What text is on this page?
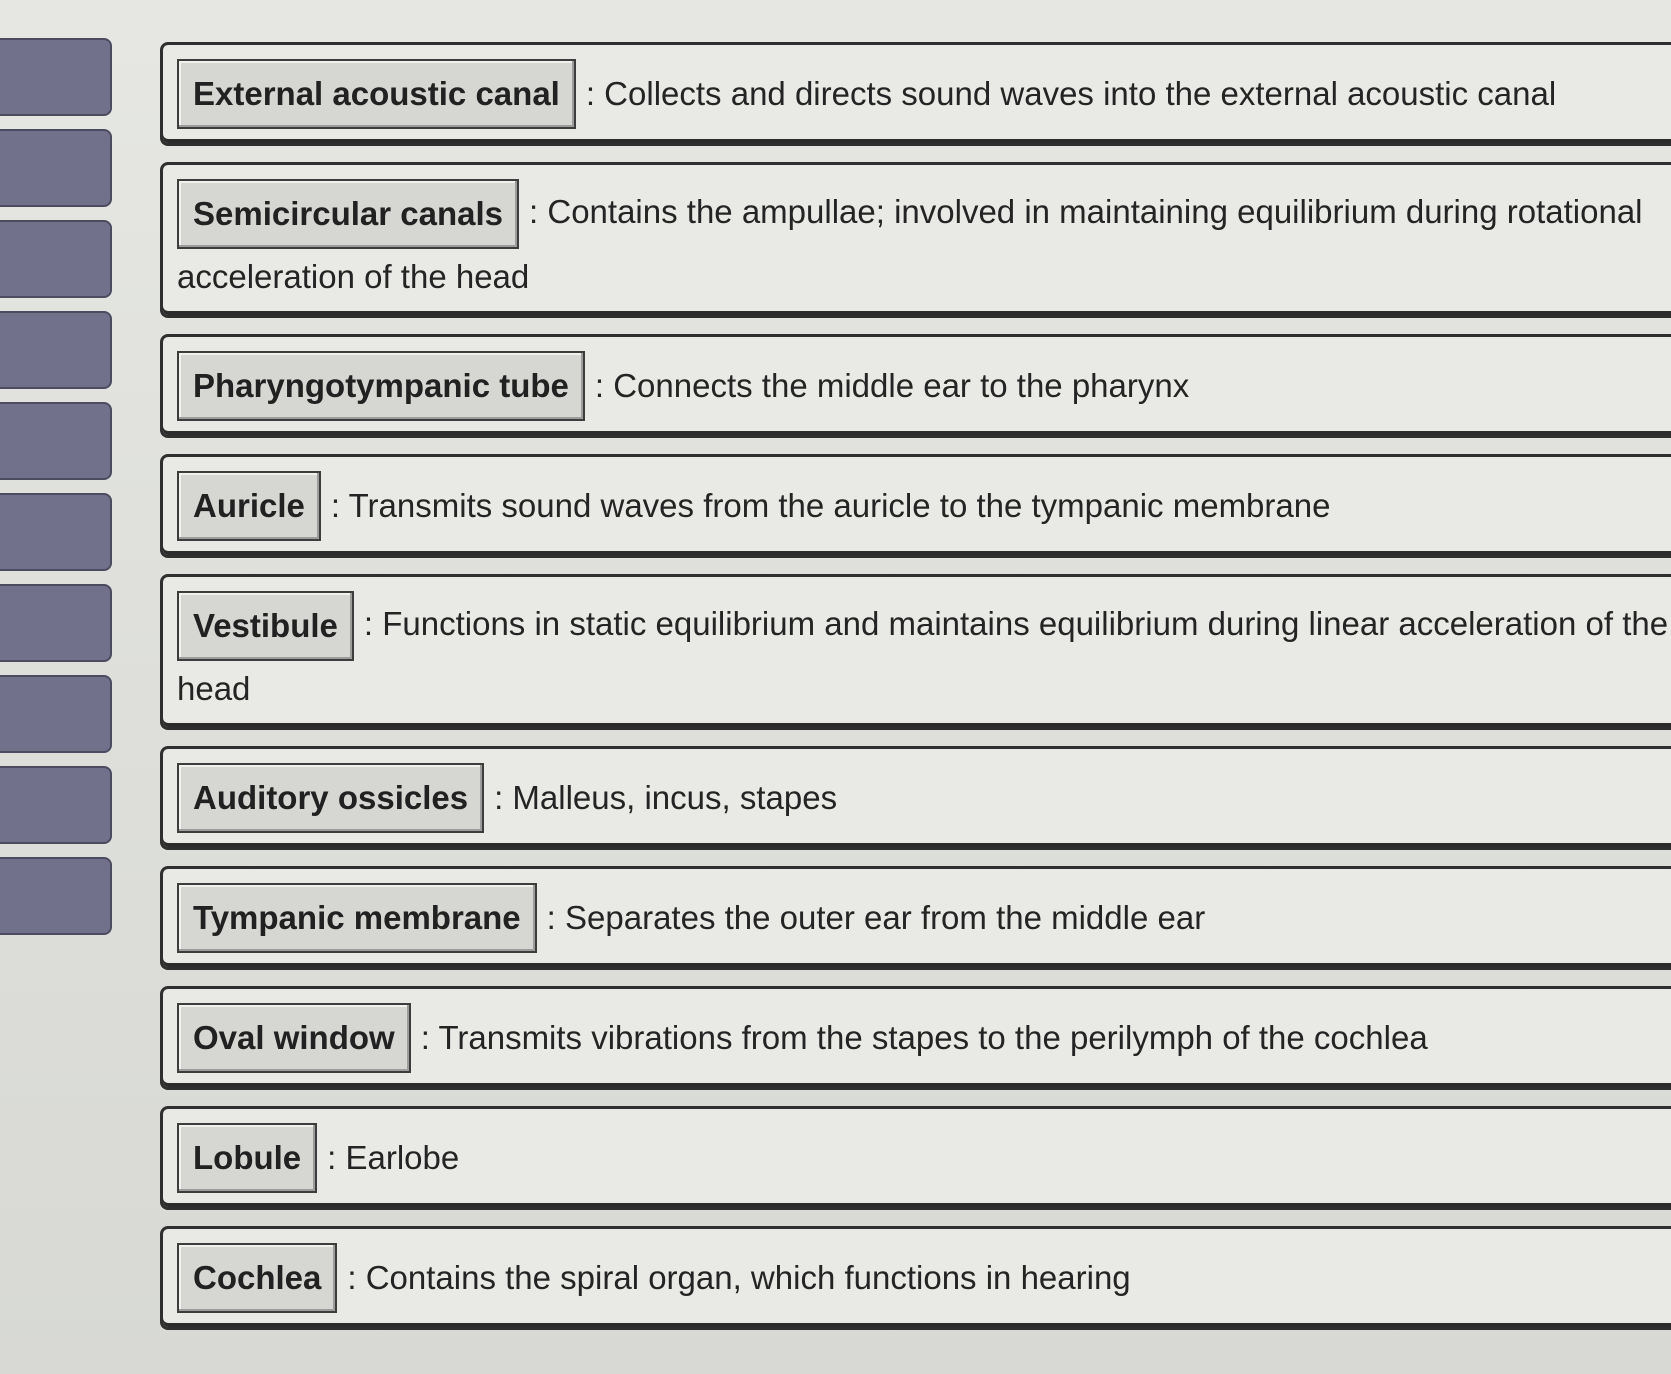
External acoustic canal : Collects and directs sound waves into the external acoustic canal
Semicircular canals : Contains the ampullae; involved in maintaining equilibrium during rotational acceleration of the head
Pharyngotympanic tube : Connects the middle ear to the pharynx
Auricle : Transmits sound waves from the auricle to the tympanic membrane
Vestibule : Functions in static equilibrium and maintains equilibrium during linear acceleration of the head
Auditory ossicles : Malleus, incus, stapes
Tympanic membrane : Separates the outer ear from the middle ear
Oval window : Transmits vibrations from the stapes to the perilymph of the cochlea
Lobule : Earlobe
Cochlea : Contains the spiral organ, which functions in hearing
